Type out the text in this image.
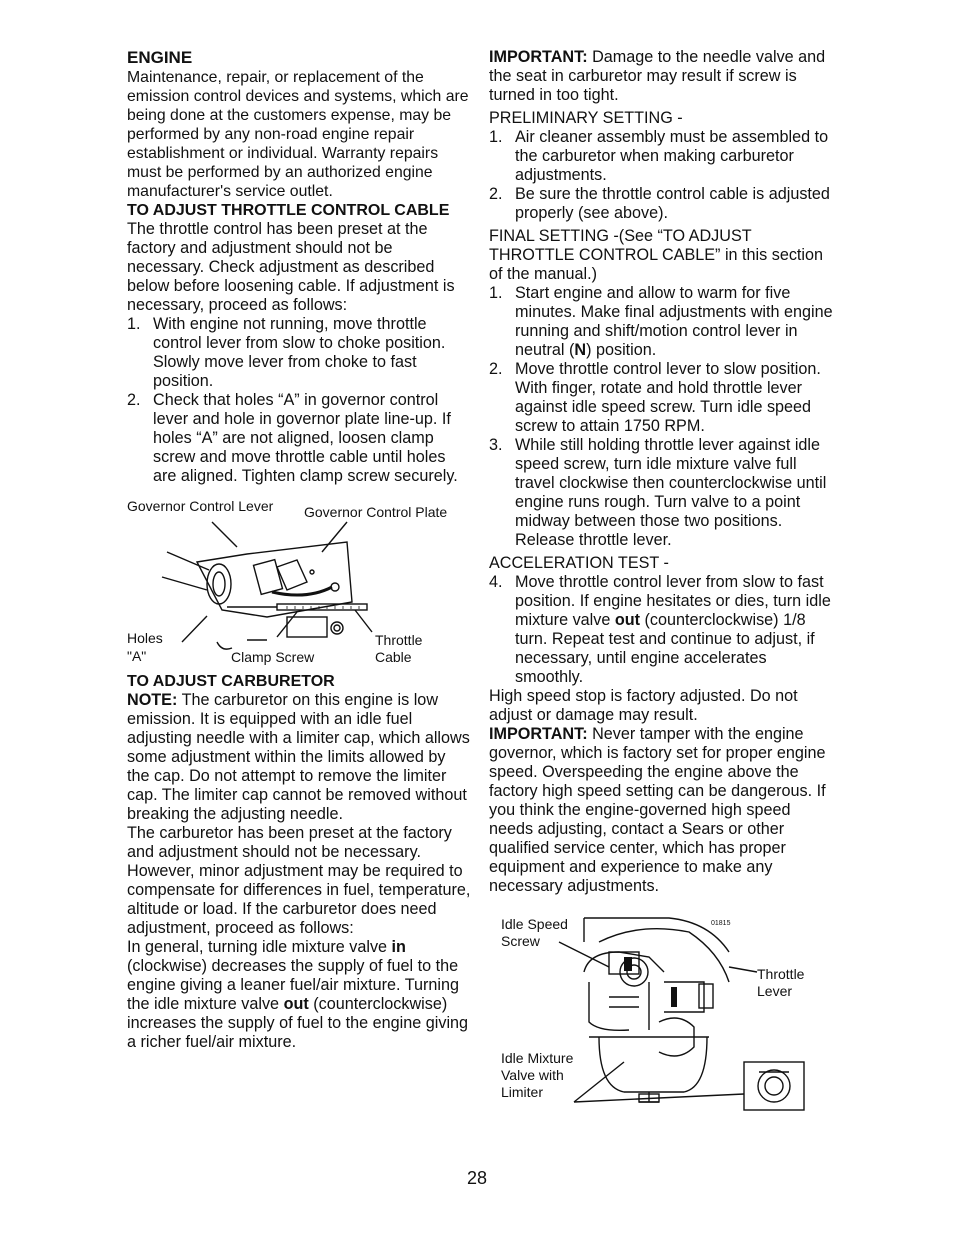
ENGINE

Maintenance, repair, or replacement of the emission control devices and systems, which are being done at the customers expense, may be performed by any non-road engine repair establishment or individual. Warranty repairs must be performed by an authorized engine manufacturer's service outlet.

TO ADJUST THROTTLE CONTROL CABLE

The throttle control has been preset at the factory and adjustment should not be necessary. Check adjustment as described below before loosening cable. If adjustment is necessary, proceed as follows:

1. With engine not running, move throttle control lever from slow to choke position. Slowly move lever from choke to fast position.
2. Check that holes “A” in governor control lever and hole in governor plate line-up. If holes “A” are not aligned, loosen clamp screw and move throttle cable until holes are aligned. Tighten clamp screw securely.
Governor Control Lever Governor Control Plate
Holes
"A"	Clamp Screw
Throttle
Cable
TO ADJUST CARBURETOR

NOTE: The carburetor on this engine is low emission. It is equipped with an idle fuel adjusting needle with a limiter cap, which allows some adjustment within the limits allowed by the cap. Do not attempt to remove the limiter cap. The limiter cap cannot be removed without breaking the adjusting needle.

The carburetor has been preset at the factory and adjustment should not be necessary. However, minor adjustment may be required to compensate for differences in fuel, temperature, altitude or load. If the carburetor does need adjustment, proceed as follows:

In general, turning idle mixture valve in (clockwise) decreases the supply of fuel to the engine giving a leaner fuel/air mixture. Turning the idle mixture valve out (counterclockwise) increases the supply of fuel to the engine giving a richer fuel/air mixture.

IMPORTANT: Damage to the needle valve and the seat in carburetor may result if screw is turned in too tight.

PRELIMINARY SETTING -

1. Air cleaner assembly must be assembled to the carburetor when making carburetor adjustments.
2. Be sure the throttle control cable is adjusted properly (see above).

FINAL SETTING -(See “TO ADJUST THROTTLE CONTROL CABLE” in this section of the manual.)

1. Start engine and allow to warm for five minutes. Make final adjustments with engine running and shift/motion control lever in neutral (N) position.
2. Move throttle control lever to slow position. With finger, rotate and hold throttle lever against idle speed screw. Turn idle speed screw to attain 1750 RPM.
3. While still holding throttle lever against idle speed screw, turn idle mixture valve full travel clockwise then counterclockwise until engine runs rough. Turn valve to a point midway between those two positions. Release throttle lever.

ACCELERATION TEST -

4. Move throttle control lever from slow to fast position. If engine hesitates or dies, turn idle mixture valve out (counterclockwise) 1/8 turn. Repeat test and continue to adjust, if necessary, until engine accelerates smoothly.

High speed stop is factory adjusted. Do not adjust or damage may result.

IMPORTANT: Never tamper with the engine governor, which is factory set for proper engine speed. Overspeeding the engine above the factory high speed setting can be dangerous. If you think the engine-governed high speed needs adjusting, contact a Sears or other qualified service center, which has proper equipment and experience to make any necessary adjustments.

Idle Speed
Screw
01815
Throttle
Lever
Idle Mixture
Valve with
Limiter
28
